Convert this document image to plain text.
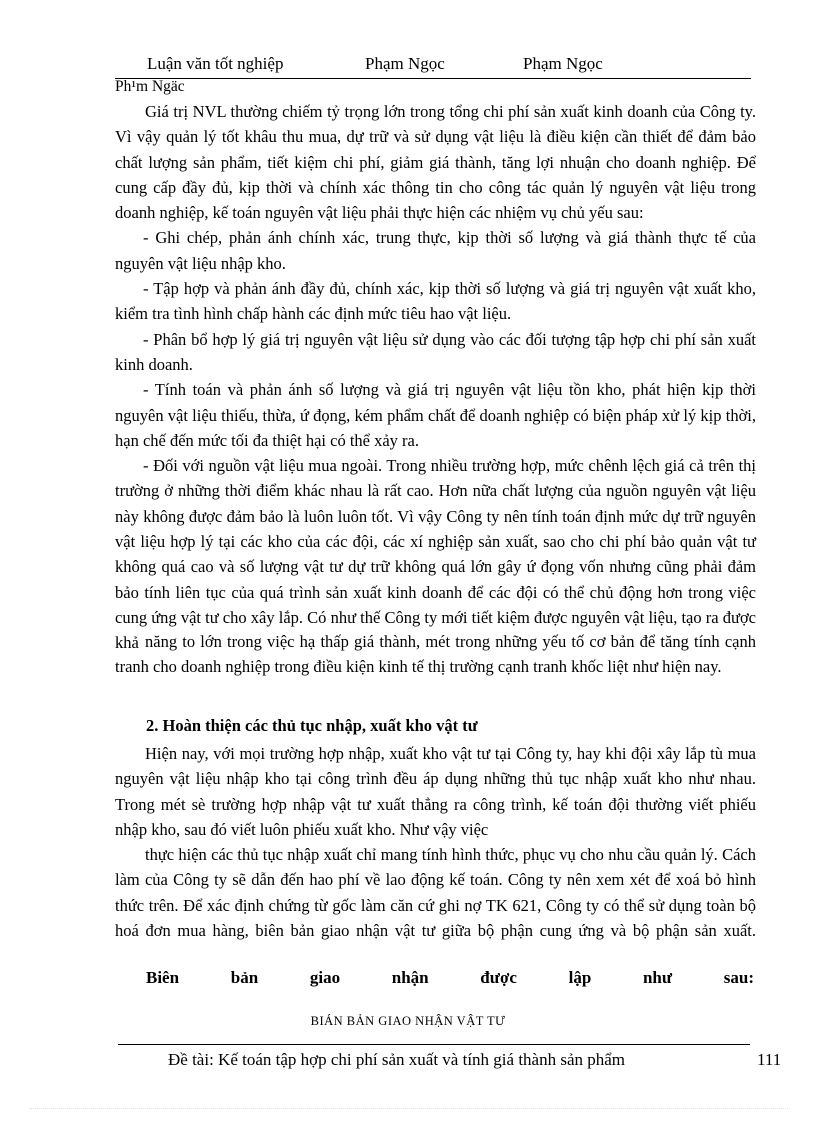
Luận văn tốt nghiệp	Phạm Ngọc	Phạm Ngọc
Ph¹m Ngäc

Giá trị NVL thường chiếm tỷ trọng lớn trong tổng chi phí sản xuất kinh doanh của Công ty. Vì vậy quản lý tốt khâu thu mua, dự trữ và sử dụng vật liệu là điều kiện cần thiết để đảm bảo chất lượng sản phẩm, tiết kiệm chi phí, giảm giá thành, tăng lợi nhuận cho doanh nghiệp. Để cung cấp đầy đủ, kịp thời và chính xác thông tin cho công tác quản lý nguyên vật liệu trong doanh nghiệp, kế toán nguyên vật liệu phải thực hiện các nhiệm vụ chủ yếu sau:

- Ghi chép, phản ánh chính xác, trung thực, kịp thời số lượng và giá thành thực tế của nguyên vật liệu nhập kho.

- Tập hợp và phản ánh đầy đủ, chính xác, kịp thời số lượng và giá trị nguyên vật xuất kho, kiểm tra tình hình chấp hành các định mức tiêu hao vật liệu.

- Phân bổ hợp lý giá trị nguyên vật liệu sử dụng vào các đối tượng tập hợp chi phí sản xuất kinh doanh.

- Tính toán và phản ánh số lượng và giá trị nguyên vật liệu tồn kho, phát hiện kịp thời nguyên vật liệu thiếu, thừa, ứ đọng, kém phẩm chất để doanh nghiệp có biện pháp xử lý kịp thời, hạn chế đến mức tối đa thiệt hại có thể xảy ra.

- Đối với nguồn vật liệu mua ngoài. Trong nhiều trường hợp, mức chênh lệch giá cả trên thị trường ở những thời điểm khác nhau là rất cao. Hơn nữa chất lượng của nguồn nguyên vật liệu này không được đảm bảo là luôn luôn tốt. Vì vậy Công ty nên tính toán định mức dự trữ nguyên vật liệu hợp lý tại các kho của các đội, các xí nghiệp sản xuất, sao cho chi phí bảo quản vật tư không quá cao và số lượng vật tư dự trữ không quá lớn gây ứ đọng vốn nhưng cũng phải đảm bảo tính liên tục của quá trình sản xuất kinh doanh để các đội có thể chủ động hơn trong việc cung ứng vật tư cho xây lắp. Có như thế Công ty mới tiết kiệm được nguyên vật liệu, tạo ra được khả năng to lớn trong việc hạ thấp giá thành, mét trong những yếu tố cơ bản để tăng tính cạnh tranh cho doanh nghiệp trong điều kiện kinh tế thị trường cạnh tranh khốc liệt như hiện nay.

2. Hoàn thiện các thủ tục nhập, xuất kho vật tư

Hiện nay, với mọi trường hợp nhập, xuất kho vật tư tại Công ty, hay khi đội xây lắp tù mua nguyên vật liệu nhập kho tại công trình đều áp dụng những thủ tục nhập xuất kho như nhau. Trong mét sè trường hợp nhập vật tư xuất thẳng ra công trình, kế toán đội thường viết phiếu nhập kho, sau đó viết luôn phiếu xuất kho. Như vậy việc

thực hiện các thủ tục nhập xuất chỉ mang tính hình thức, phục vụ cho nhu cầu quản lý. Cách làm của Công ty sẽ dẫn đến hao phí về lao động kế toán. Công ty nên xem xét để xoá bỏ hình thức trên. Để xác định chứng từ gốc làm căn cứ ghi nợ TK 621, Công ty có thể sử dụng toàn bộ hoá đơn mua hàng, biên bản giao nhận vật tư giữa bộ phận cung ứng và bộ phận sản xuất.

Biên bản giao nhận được lập như sau:
BIÁN BẢN GIAO NHẬN VẬT TƯ
Đề tài: Kế toán tập hợp chi phí sản xuất và tính giá thành sản phẩm	111
